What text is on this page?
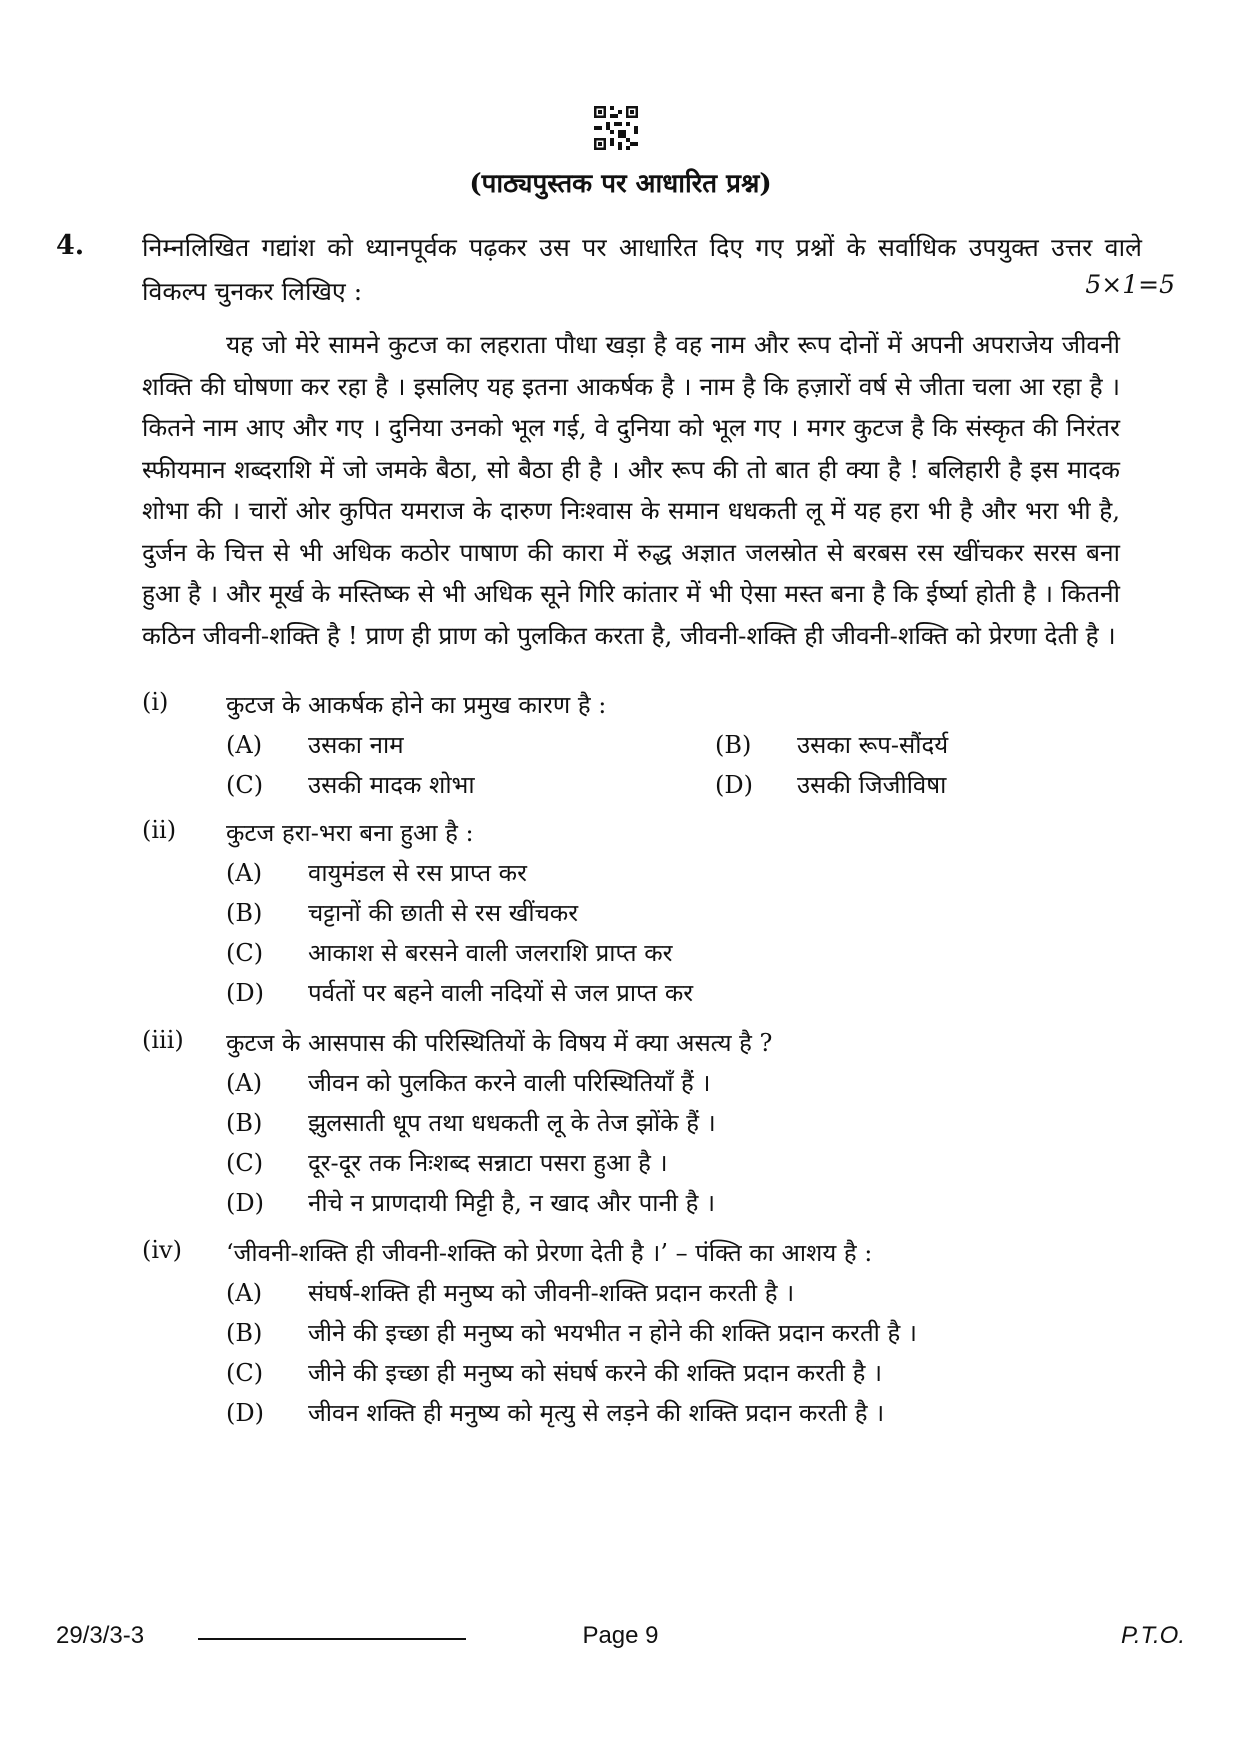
(पाठ्यपुस्तक पर आधारित प्रश्न)
4. निम्नलिखित गद्यांश को ध्यानपूर्वक पढ़कर उस पर आधारित दिए गए प्रश्नों के सर्वाधिक उपयुक्त उत्तर वाले विकल्प चुनकर लिखिए :	5×1=5
यह जो मेरे सामने कुटज का लहराता पौधा खड़ा है वह नाम और रूप दोनों में अपनी अपराजेय जीवनी शक्ति की घोषणा कर रहा है । इसलिए यह इतना आकर्षक है । नाम है कि हज़ारों वर्ष से जीता चला आ रहा है । कितने नाम आए और गए । दुनिया उनको भूल गई, वे दुनिया को भूल गए । मगर कुटज है कि संस्कृत की निरंतर स्फीयमान शब्दराशि में जो जमके बैठा, सो बैठा ही है । और रूप की तो बात ही क्या है ! बलिहारी है इस मादक शोभा की । चारों ओर कुपित यमराज के दारुण निःश्वास के समान धधकती लू में यह हरा भी है और भरा भी है, दुर्जन के चित्त से भी अधिक कठोर पाषाण की कारा में रुद्ध अज्ञात जलस्रोत से बरबस रस खींचकर सरस बना हुआ है । और मूर्ख के मस्तिष्क से भी अधिक सूने गिरि कांतार में भी ऐसा मस्त बना है कि ईर्ष्या होती है । कितनी कठिन जीवनी-शक्ति है ! प्राण ही प्राण को पुलकित करता है, जीवनी-शक्ति ही जीवनी-शक्ति को प्रेरणा देती है ।
(i)	कुटज के आकर्षक होने का प्रमुख कारण है :
(A) उसका नाम	(B) उसका रूप-सौंदर्य
(C) उसकी मादक शोभा	(D) उसकी जिजीविषा
(ii)	कुटज हरा-भरा बना हुआ है :
(A) वायुमंडल से रस प्राप्त कर
(B) चट्टानों की छाती से रस खींचकर
(C) आकाश से बरसने वाली जलराशि प्राप्त कर
(D) पर्वतों पर बहने वाली नदियों से जल प्राप्त कर
(iii)	कुटज के आसपास की परिस्थितियों के विषय में क्या असत्य है ?
(A) जीवन को पुलकित करने वाली परिस्थितियाँ हैं ।
(B) झुलसाती धूप तथा धधकती लू के तेज झोंके हैं ।
(C) दूर-दूर तक निःशब्द सन्नाटा पसरा हुआ है ।
(D) नीचे न प्राणदायी मिट्टी है, न खाद और पानी है ।
(iv)	‘जीवनी-शक्ति ही जीवनी-शक्ति को प्रेरणा देती है ।’ – पंक्ति का आशय है :
(A) संघर्ष-शक्ति ही मनुष्य को जीवनी-शक्ति प्रदान करती है ।
(B) जीने की इच्छा ही मनुष्य को भयभीत न होने की शक्ति प्रदान करती है ।
(C) जीने की इच्छा ही मनुष्य को संघर्ष करने की शक्ति प्रदान करती है ।
(D) जीवन शक्ति ही मनुष्य को मृत्यु से लड़ने की शक्ति प्रदान करती है ।
29/3/3-3	Page 9	P.T.O.
